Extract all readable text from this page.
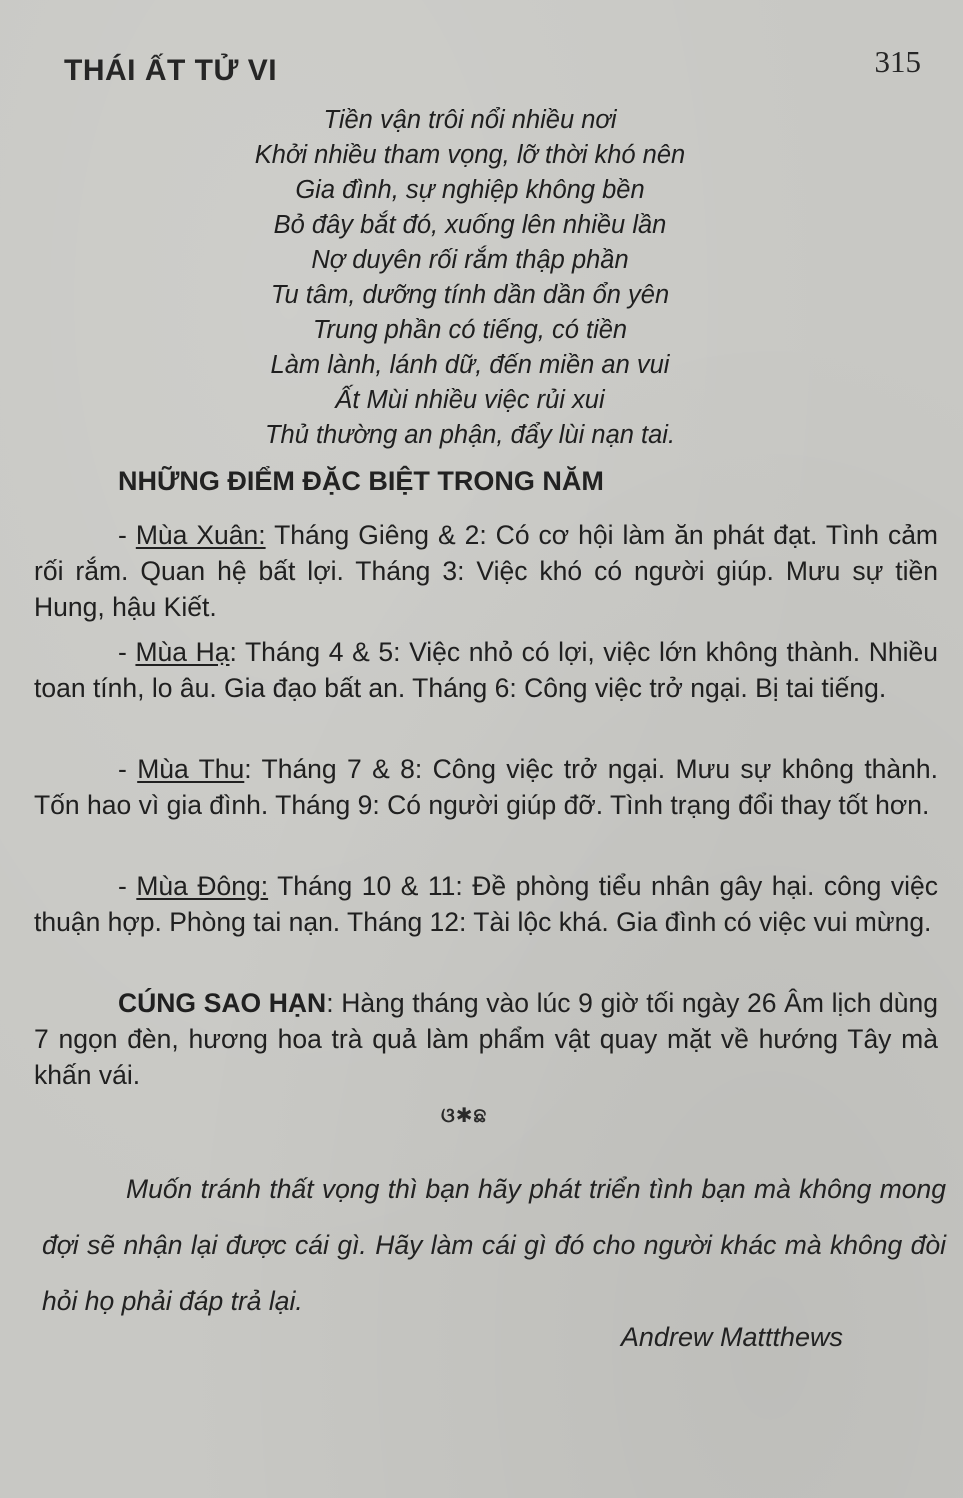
THÁI ẤT TỬ VI	315
Tiền vận trôi nổi nhiều nơi
Khởi nhiều tham vọng, lỡ thời khó nên
Gia đình, sự nghiệp không bền
Bỏ đây bắt đó, xuống lên nhiều lần
Nợ duyên rối rắm thập phần
Tu tâm, dưỡng tính dần dần ổn yên
Trung phần có tiếng, có tiền
Làm lành, lánh dữ, đến miền an vui
Ất Mùi nhiều việc rủi xui
Thủ thường an phận, đẩy lùi nạn tai.
NHỮNG ĐIỂM ĐẶC BIỆT TRONG NĂM

- Mùa Xuân: Tháng Giêng & 2: Có cơ hội làm ăn phát đạt. Tình cảm rối rắm. Quan hệ bất lợi. Tháng 3: Việc khó có người giúp. Mưu sự tiền Hung, hậu Kiết.

- Mùa Hạ: Tháng 4 & 5: Việc nhỏ có lợi, việc lớn không thành. Nhiều toan tính, lo âu. Gia đạo bất an. Tháng 6: Công việc trở ngại. Bị tai tiếng.

- Mùa Thu: Tháng 7 & 8: Công việc trở ngại. Mưu sự không thành. Tốn hao vì gia đình. Tháng 9: Có người giúp đỡ. Tình trạng đổi thay tốt hơn.

- Mùa Đông: Tháng 10 & 11: Đề phòng tiểu nhân gây hại. công việc thuận hợp. Phòng tai nạn. Tháng 12: Tài lộc khá. Gia đình có việc vui mừng.

CÚNG SAO HẠN: Hàng tháng vào lúc 9 giờ tối ngày 26 Âm lịch dùng 7 ngọn đèn, hương hoa trà quả làm phẩm vật quay mặt về hướng Tây mà khấn vái.

ଓ✱ଛ

Muốn tránh thất vọng thì bạn hãy phát triển tình bạn mà không mong đợi sẽ nhận lại được cái gì. Hãy làm cái gì đó cho người khác mà không đòi hỏi họ phải đáp trả lại.

Andrew Mattthews
